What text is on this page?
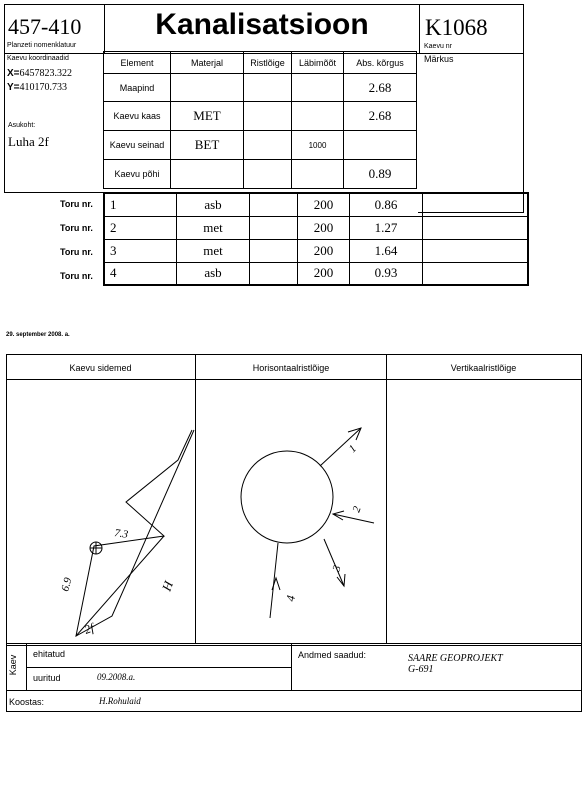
457-410
Planzeti nomenklatuur
Kanalisatsioon	K1068
Kaevu nr
Kaevu koordinaadid
X=6457823.322
Y=410170.733
Asukoht:
Luha 2f
Element	Materjal	Ristlõige	Läbimõõt	Abs. kõrgus
Maapind				2.68
Kaevu kaas	MET			2.68
Kaevu seinad	BET		1000	
Kaevu põhi				0.89
Märkus
Toru nr.
Toru nr.
Toru nr.
Toru nr.
1	asb		200	0.86	

2	met		200	1.27	

3	met		200	1.64	

4	asb		200	0.93	
29. september 2008. a.
Kaevu sidemed	Horisontaalristlõige	Vertikaalristlõige
7.3
6.9
2f
H
1
2
3
4
Kaev
ehitatud
uuritud	09.2008.a.
Andmed saadud:	SAARE GEOPROJEKT
G-691
Koostas:	H.Rohulaid
